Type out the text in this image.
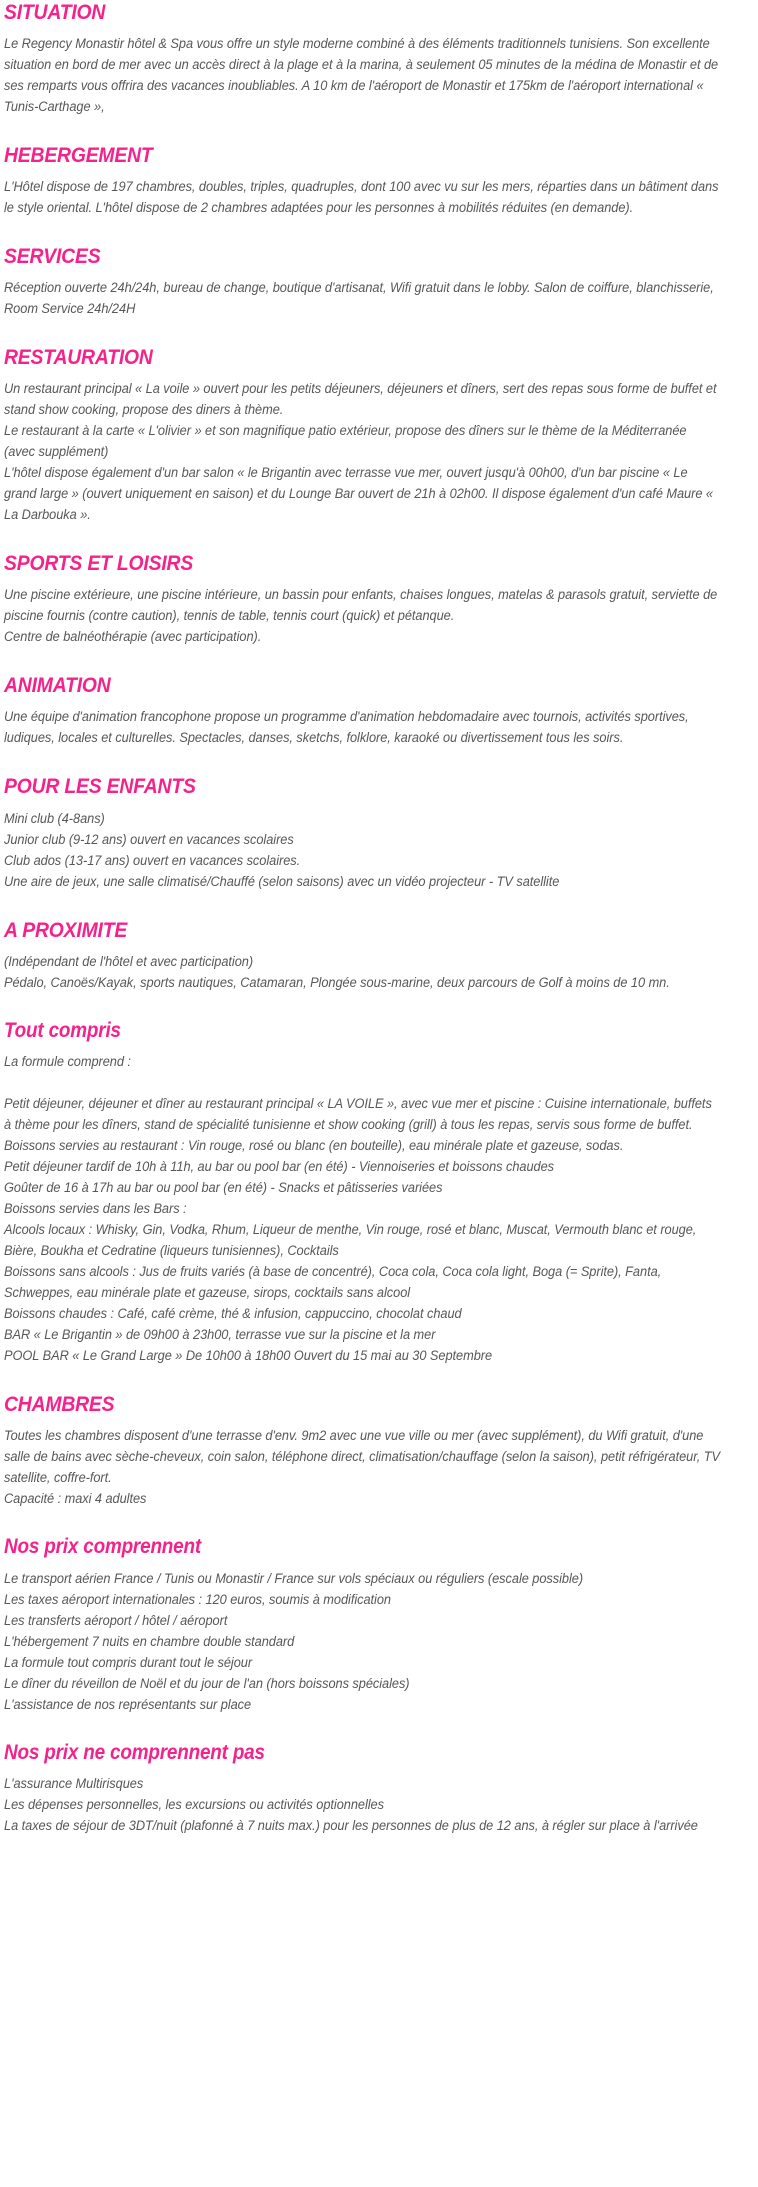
SITUATION

Le Regency Monastir hôtel & Spa vous offre un style moderne combiné à des éléments traditionnels tunisiens. Son excellente situation en bord de mer avec un accès direct à la plage et à la marina, à seulement 05 minutes de la médina de Monastir et de ses remparts vous offrira des vacances inoubliables. A 10 km de l'aéroport de Monastir et 175km de l'aéroport international « Tunis-Carthage »,

HEBERGEMENT

L'Hôtel dispose de 197 chambres, doubles, triples, quadruples, dont 100 avec vu sur les mers, réparties dans un bâtiment dans le style oriental. L'hôtel dispose de 2 chambres adaptées pour les personnes à mobilités réduites (en demande).

SERVICES

Réception ouverte 24h/24h, bureau de change, boutique d'artisanat, Wifi gratuit dans le lobby. Salon de coiffure, blanchisserie, Room Service 24h/24H

RESTAURATION

Un restaurant principal « La voile » ouvert pour les petits déjeuners, déjeuners et dîners, sert des repas sous forme de buffet et stand show cooking, propose des diners à thème.

Le restaurant à la carte « L'olivier » et son magnifique patio extérieur, propose des dîners sur le thème de la Méditerranée (avec supplément)

L'hôtel dispose également d'un bar salon « le Brigantin avec terrasse vue mer, ouvert jusqu'à 00h00, d'un bar piscine « Le grand large » (ouvert uniquement en saison) et du Lounge Bar ouvert de 21h à 02h00. Il dispose également d'un café Maure « La Darbouka ».

SPORTS ET LOISIRS

Une piscine extérieure, une piscine intérieure, un bassin pour enfants, chaises longues, matelas & parasols gratuit, serviette de piscine fournis (contre caution), tennis de table, tennis court (quick) et pétanque.

Centre de balnéothérapie (avec participation).

ANIMATION

Une équipe d'animation francophone propose un programme d'animation hebdomadaire avec tournois, activités sportives, ludiques, locales et culturelles. Spectacles, danses, sketchs, folklore, karaoké ou divertissement tous les soirs.

POUR LES ENFANTS

Mini club (4-8ans)

Junior club (9-12 ans) ouvert en vacances scolaires

Club ados (13-17 ans) ouvert en vacances scolaires.

Une aire de jeux, une salle climatisé/Chauffé (selon saisons) avec un vidéo projecteur - TV satellite

A PROXIMITE

(Indépendant de l'hôtel et avec participation)

Pédalo, Canoës/Kayak, sports nautiques, Catamaran, Plongée sous-marine, deux parcours de Golf à moins de 10 mn.

Tout compris

La formule comprend :

Petit déjeuner, déjeuner et dîner au restaurant principal « LA VOILE », avec vue mer et piscine : Cuisine internationale, buffets à thème pour les dîners, stand de spécialité tunisienne et show cooking (grill) à tous les repas, servis sous forme de buffet.

Boissons servies au restaurant : Vin rouge, rosé ou blanc (en bouteille), eau minérale plate et gazeuse, sodas.

Petit déjeuner tardif de 10h à 11h, au bar ou pool bar (en été) - Viennoiseries et boissons chaudes

Goûter de 16 à 17h au bar ou pool bar (en été) - Snacks et pâtisseries variées

Boissons servies dans les Bars :

Alcools locaux : Whisky, Gin, Vodka, Rhum, Liqueur de menthe, Vin rouge, rosé et blanc, Muscat, Vermouth blanc et rouge, Bière, Boukha et Cedratine (liqueurs tunisiennes), Cocktails

Boissons sans alcools : Jus de fruits variés (à base de concentré), Coca cola, Coca cola light, Boga (= Sprite), Fanta, Schweppes, eau minérale plate et gazeuse, sirops, cocktails sans alcool

Boissons chaudes : Café, café crème, thé & infusion, cappuccino, chocolat chaud

BAR « Le Brigantin » de 09h00 à 23h00, terrasse vue sur la piscine et la mer

POOL BAR « Le Grand Large » De 10h00 à 18h00 Ouvert du 15 mai au 30 Septembre

CHAMBRES

Toutes les chambres disposent d'une terrasse d'env. 9m2 avec une vue ville ou mer (avec supplément), du Wifi gratuit, d'une salle de bains avec sèche-cheveux, coin salon, téléphone direct, climatisation/chauffage (selon la saison), petit réfrigérateur, TV satellite, coffre-fort.

Capacité : maxi 4 adultes

Nos prix comprennent

Le transport aérien France / Tunis ou Monastir / France sur vols spéciaux ou réguliers (escale possible)

Les taxes aéroport internationales : 120 euros, soumis à modification

Les transferts aéroport / hôtel / aéroport

L'hébergement 7 nuits en chambre double standard

La formule tout compris durant tout le séjour

Le dîner du réveillon de Noël et du jour de l'an (hors boissons spéciales)

L'assistance de nos représentants sur place

Nos prix ne comprennent pas

L'assurance Multirisques

Les dépenses personnelles, les excursions ou activités optionnelles

La taxes de séjour de 3DT/nuit (plafonné à 7 nuits max.) pour les personnes de plus de 12 ans, à régler sur place à l'arrivée
